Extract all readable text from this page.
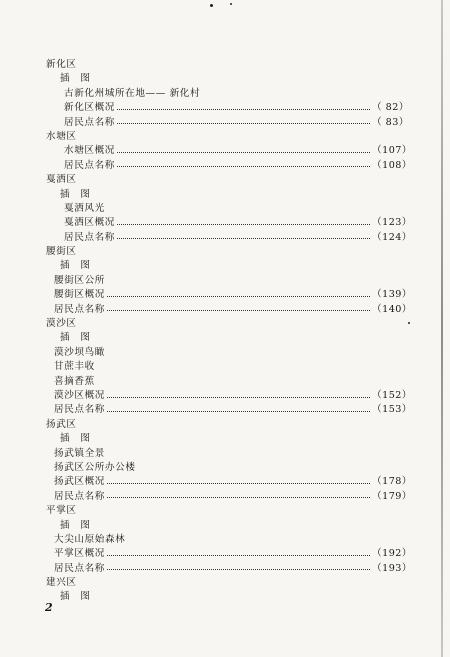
新化区
插　图
古新化州城所在地—— 新化村
新化区概况	（ 82）
居民点名称	（ 83）
水塘区
水塘区概况	（107）
居民点名称	（108）
戛洒区
插　图
戛洒风光
戛洒区概况	（123）
居民点名称	（124）
腰街区
插　图
腰街区公所
腰街区概况	（139）
居民点名称	（140）
漠沙区
插　图
漠沙坝鸟瞰
甘蔗丰收
喜摘香蕉
漠沙区概况	（152）
居民点名称	（153）
扬武区
插　图
扬武镇全景
扬武区公所办公楼
扬武区概况	（178）
居民点名称	（179）
平掌区
插　图
大尖山原始森林
平掌区概况	（192）
居民点名称	（193）
建兴区
插　图
2
